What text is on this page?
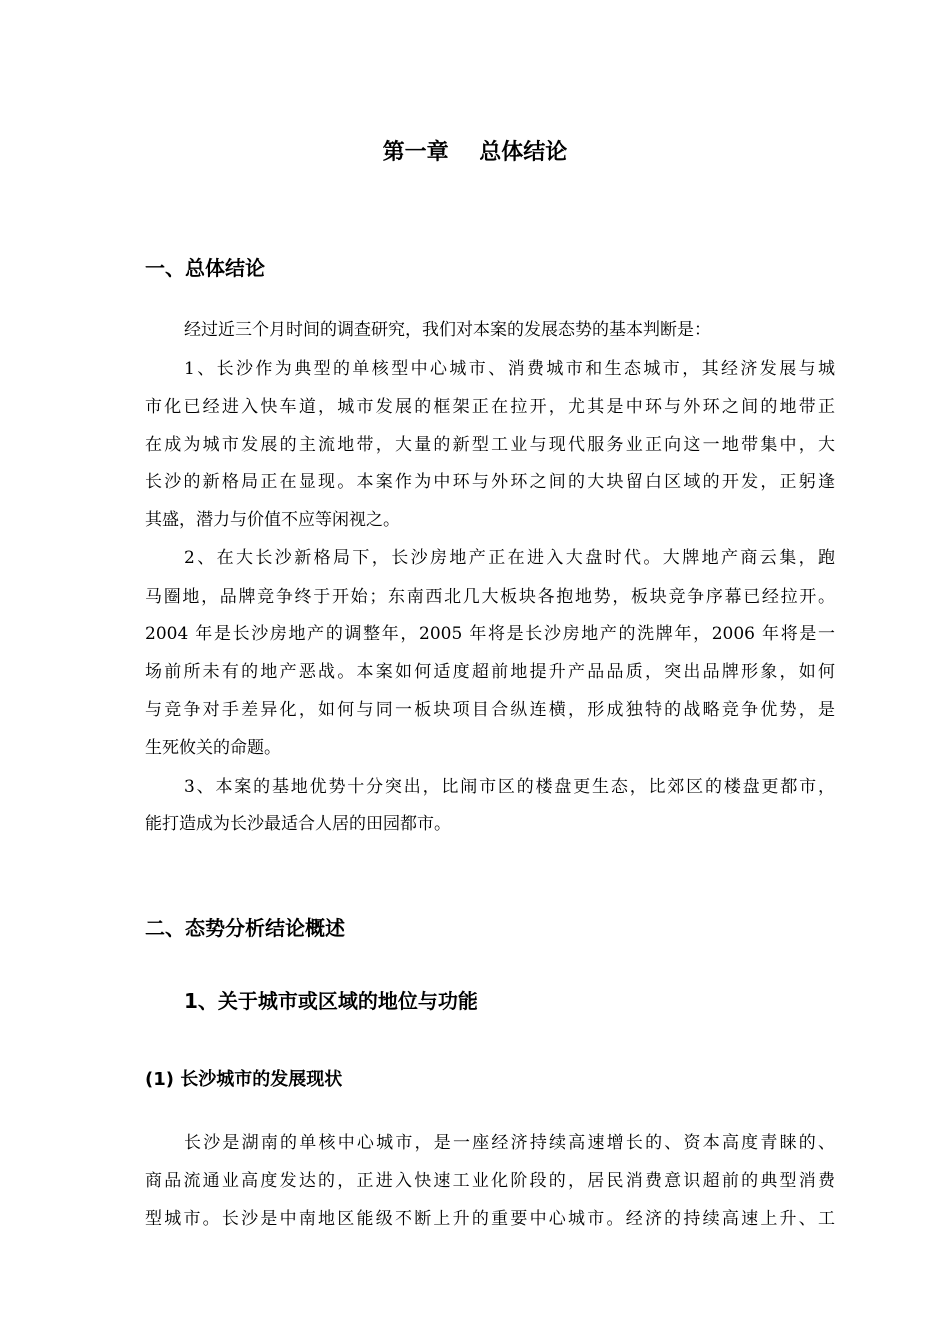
第一章    总体结论
一、总体结论

经过近三个月时间的调查研究，我们对本案的发展态势的基本判断是：

1、长沙作为典型的单核型中心城市、消费城市和生态城市，其经济发展与城

市化已经进入快车道，城市发展的框架正在拉开，尤其是中环与外环之间的地带正

在成为城市发展的主流地带，大量的新型工业与现代服务业正向这一地带集中，大

长沙的新格局正在显现。本案作为中环与外环之间的大块留白区域的开发，正躬逢

其盛，潜力与价值不应等闲视之。

2、在大长沙新格局下，长沙房地产正在进入大盘时代。大牌地产商云集，跑

马圈地，品牌竞争终于开始；东南西北几大板块各抱地势，板块竞争序幕已经拉开。

2004 年是长沙房地产的调整年，2005 年将是长沙房地产的洗牌年，2006 年将是一

场前所未有的地产恶战。本案如何适度超前地提升产品品质，突出品牌形象，如何

与竞争对手差异化，如何与同一板块项目合纵连横，形成独特的战略竞争优势，是

生死攸关的命题。

3、本案的基地优势十分突出，比闹市区的楼盘更生态，比郊区的楼盘更都市，

能打造成为长沙最适合人居的田园都市。

二、态势分析结论概述
1、关于城市或区域的地位与功能
(1) 长沙城市的发展现状

长沙是湖南的单核中心城市，是一座经济持续高速增长的、资本高度青睐的、

商品流通业高度发达的，正进入快速工业化阶段的，居民消费意识超前的典型消费

型城市。长沙是中南地区能级不断上升的重要中心城市。经济的持续高速上升、工
